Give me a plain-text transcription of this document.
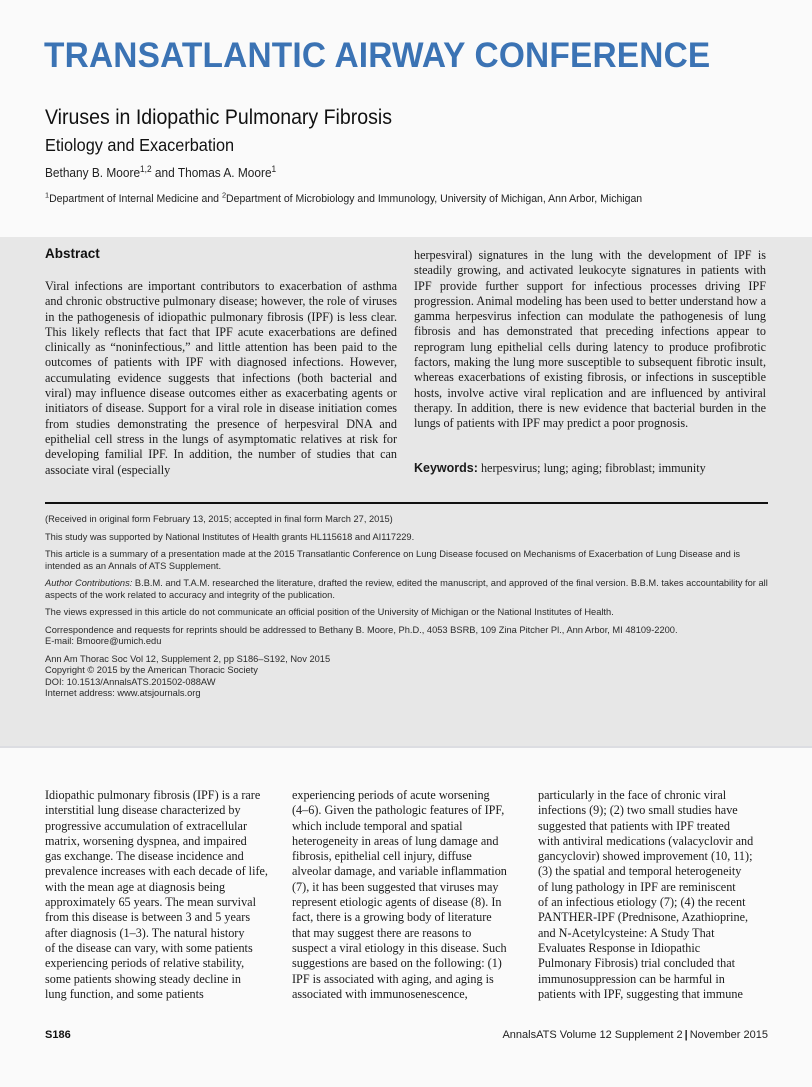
TRANSATLANTIC AIRWAY CONFERENCE
Viruses in Idiopathic Pulmonary Fibrosis
Etiology and Exacerbation
Bethany B. Moore$^{1,2}$ and Thomas A. Moore$^1$
$^1$Department of Internal Medicine and $^2$Department of Microbiology and Immunology, University of Michigan, Ann Arbor, Michigan
Abstract
Viral infections are important contributors to exacerbation of asthma and chronic obstructive pulmonary disease; however, the role of viruses in the pathogenesis of idiopathic pulmonary fibrosis (IPF) is less clear. This likely reflects that fact that IPF acute exacerbations are defined clinically as “noninfectious,” and little attention has been paid to the outcomes of patients with IPF with diagnosed infections. However, accumulating evidence suggests that infections (both bacterial and viral) may influence disease outcomes either as exacerbating agents or initiators of disease. Support for a viral role in disease initiation comes from studies demonstrating the presence of herpesviral DNA and epithelial cell stress in the lungs of asymptomatic relatives at risk for developing familial IPF. In addition, the number of studies that can associate viral (especially
herpesviral) signatures in the lung with the development of IPF is steadily growing, and activated leukocyte signatures in patients with IPF provide further support for infectious processes driving IPF progression. Animal modeling has been used to better understand how a gamma herpesvirus infection can modulate the pathogenesis of lung fibrosis and has demonstrated that preceding infections appear to reprogram lung epithelial cells during latency to produce profibrotic factors, making the lung more susceptible to subsequent fibrotic insult, whereas exacerbations of existing fibrosis, or infections in susceptible hosts, involve active viral replication and are influenced by antiviral therapy. In addition, there is new evidence that bacterial burden in the lungs of patients with IPF may predict a poor prognosis.
Keywords: herpesvirus; lung; aging; fibroblast; immunity

(Received in original form February 13, 2015; accepted in final form March 27, 2015)

This study was supported by National Institutes of Health grants HL115618 and AI117229.

This article is a summary of a presentation made at the 2015 Transatlantic Conference on Lung Disease focused on Mechanisms of Exacerbation of Lung Disease and is intended as an Annals of ATS Supplement.

Author Contributions: B.B.M. and T.A.M. researched the literature, drafted the review, edited the manuscript, and approved of the final version. B.B.M. takes accountability for all aspects of the work related to accuracy and integrity of the publication.

The views expressed in this article do not communicate an official position of the University of Michigan or the National Institutes of Health.

Correspondence and requests for reprints should be addressed to Bethany B. Moore, Ph.D., 4053 BSRB, 109 Zina Pitcher Pl., Ann Arbor, MI 48109-2200.
E-mail: Bmoore@umich.edu

Ann Am Thorac Soc Vol 12, Supplement 2, pp S186–S192, Nov 2015

Copyright © 2015 by the American Thoracic Society

DOI: 10.1513/AnnalsATS.201502-088AW

Internet address: www.atsjournals.org

Idiopathic pulmonary fibrosis (IPF) is a rare
interstitial lung disease characterized by
progressive accumulation of extracellular
matrix, worsening dyspnea, and impaired
gas exchange. The disease incidence and
prevalence increases with each decade of life,
with the mean age at diagnosis being
approximately 65 years. The mean survival
from this disease is between 3 and 5 years
after diagnosis (1–3). The natural history
of the disease can vary, with some patients
experiencing periods of relative stability,
some patients showing steady decline in
lung function, and some patients
experiencing periods of acute worsening
(4–6). Given the pathologic features of IPF,
which include temporal and spatial
heterogeneity in areas of lung damage and
fibrosis, epithelial cell injury, diffuse
alveolar damage, and variable inflammation
(7), it has been suggested that viruses may
represent etiologic agents of disease (8). In
fact, there is a growing body of literature
that may suggest there are reasons to
suspect a viral etiology in this disease. Such
suggestions are based on the following: (1)
IPF is associated with aging, and aging is
associated with immunosenescence,
particularly in the face of chronic viral
infections (9); (2) two small studies have
suggested that patients with IPF treated
with antiviral medications (valacyclovir and
gancyclovir) showed improvement (10, 11);
(3) the spatial and temporal heterogeneity
of lung pathology in IPF are reminiscent
of an infectious etiology (7); (4) the recent
PANTHER-IPF (Prednisone, Azathioprine,
and N-Acetylcysteine: A Study That
Evaluates Response in Idiopathic
Pulmonary Fibrosis) trial concluded that
immunosuppression can be harmful in
patients with IPF, suggesting that immune
S186	AnnalsATS Volume 12 Supplement 2 | November 2015
